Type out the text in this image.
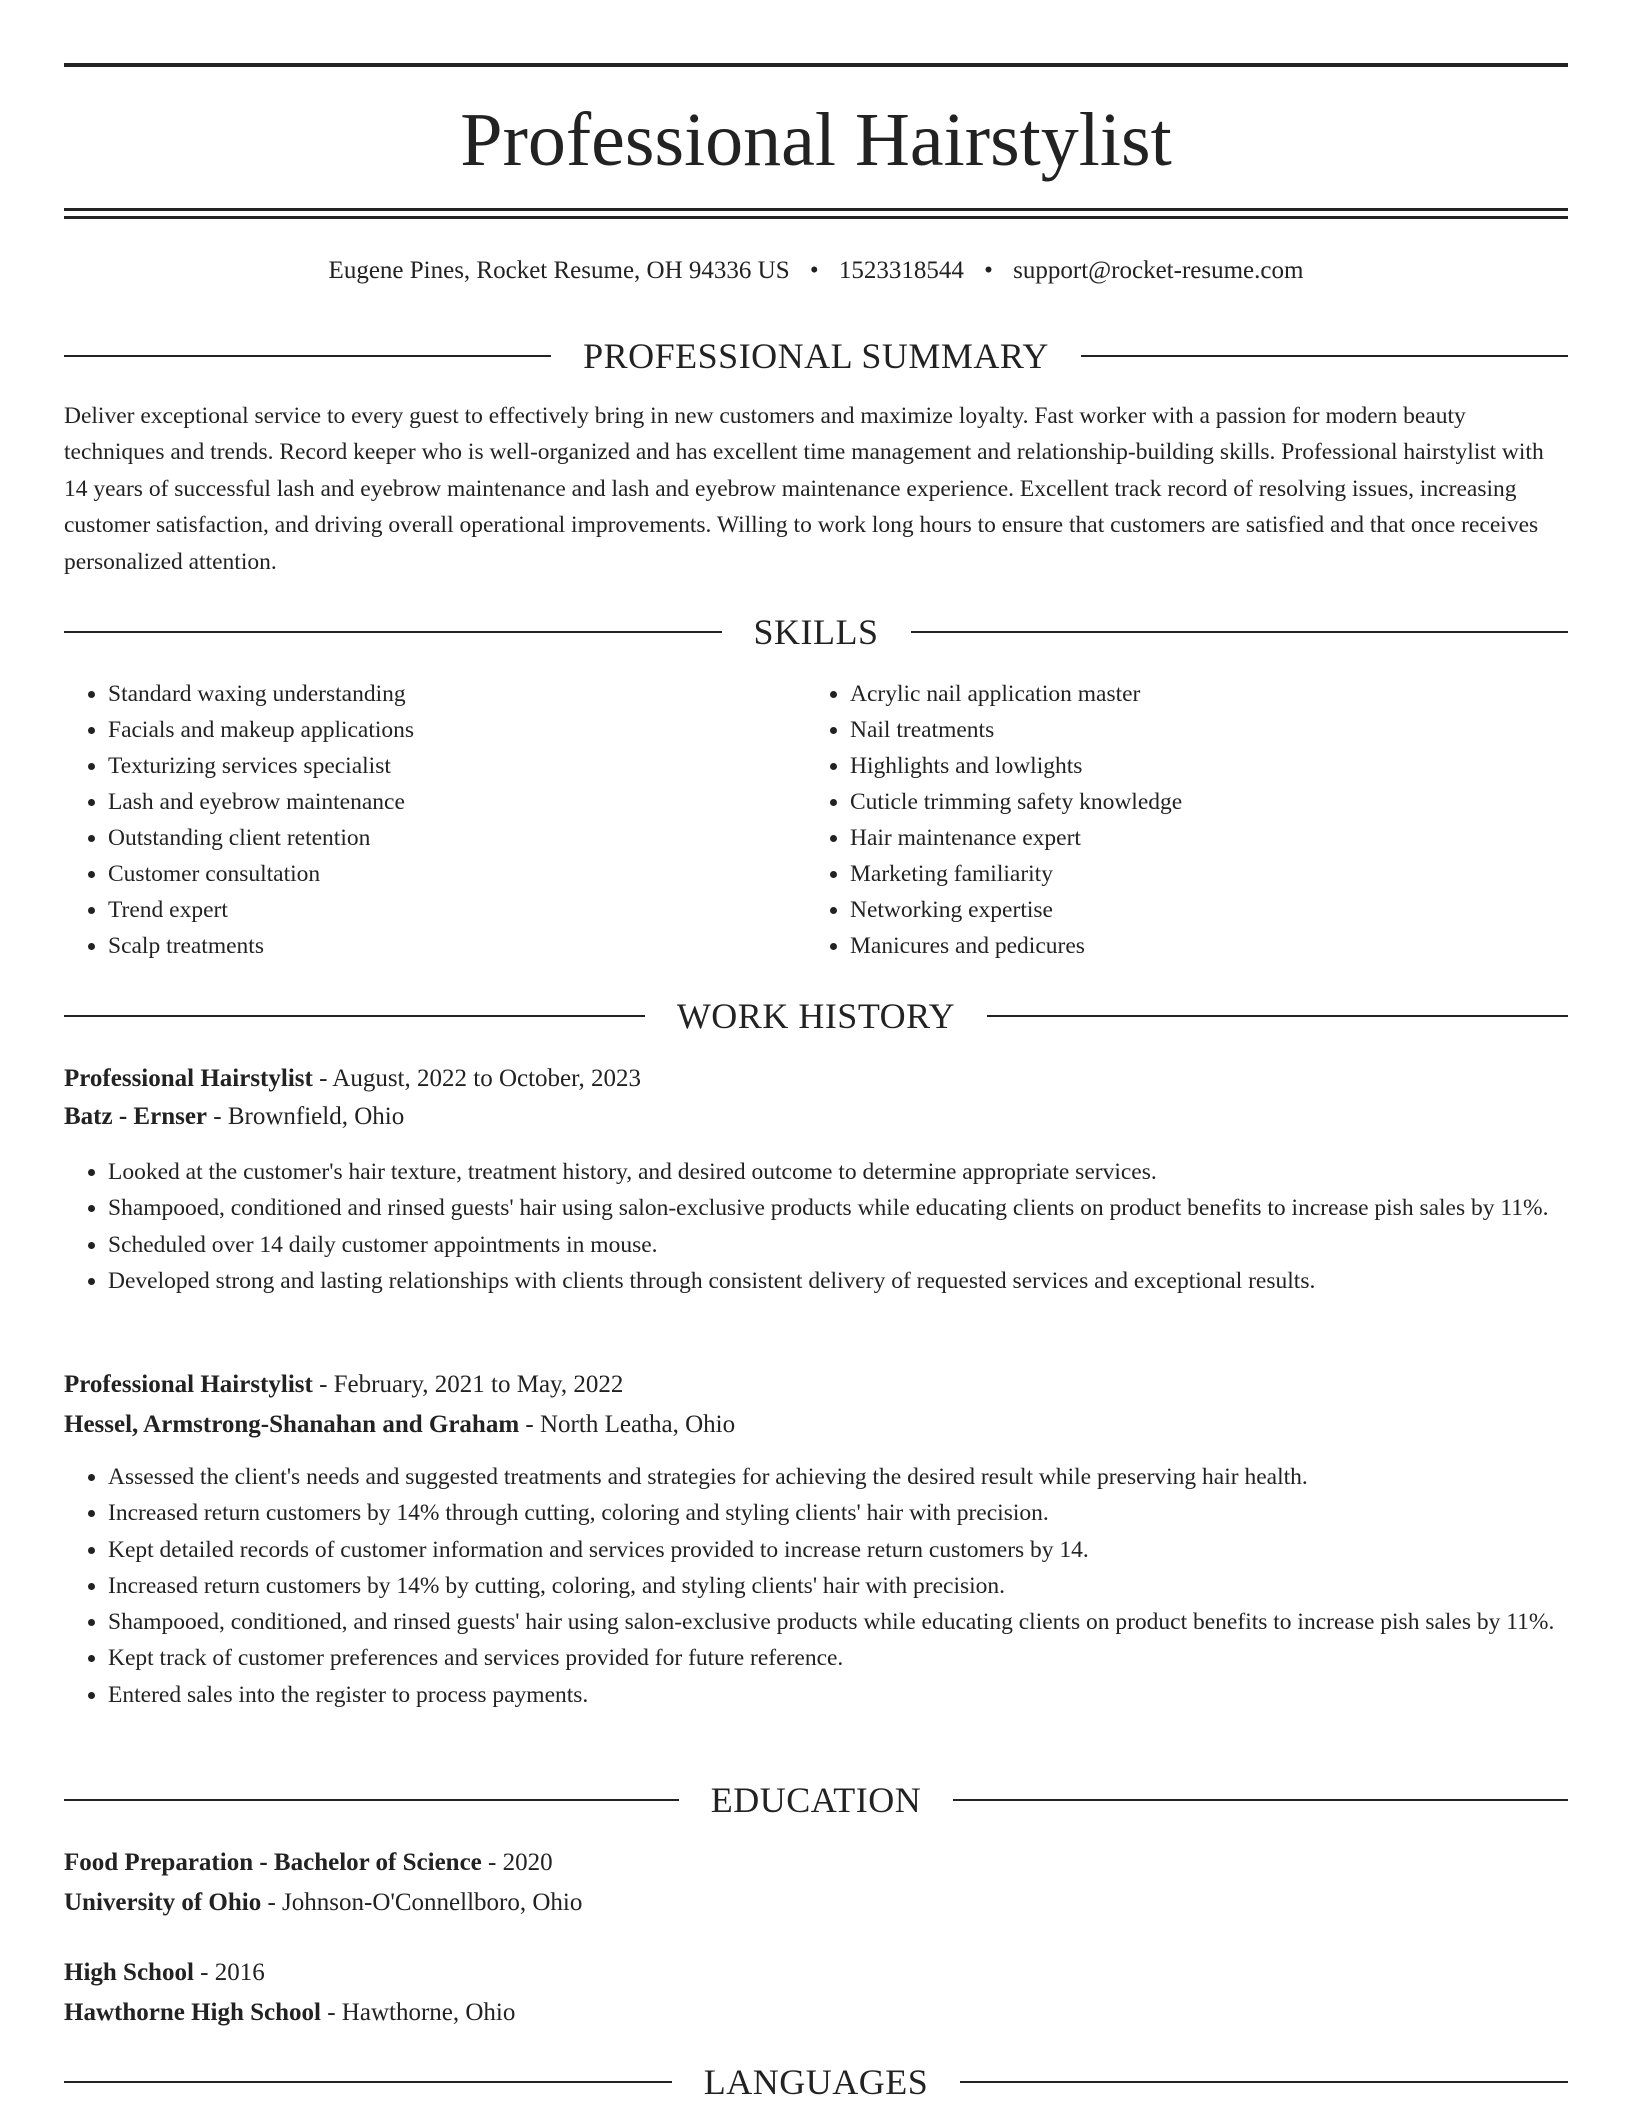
Professional Hairstylist
Eugene Pines, Rocket Resume, OH 94336 US • 1523318544 • support@rocket-resume.com
PROFESSIONAL SUMMARY

Deliver exceptional service to every guest to effectively bring in new customers and maximize loyalty. Fast worker with a passion for modern beauty techniques and trends. Record keeper who is well-organized and has excellent time management and relationship-building skills. Professional hairstylist with 14 years of successful lash and eyebrow maintenance and lash and eyebrow maintenance experience. Excellent track record of resolving issues, increasing customer satisfaction, and driving overall operational improvements. Willing to work long hours to ensure that customers are satisfied and that once receives personalized attention.

SKILLS
• Standard waxing understanding
• Facials and makeup applications
• Texturizing services specialist
• Lash and eyebrow maintenance
• Outstanding client retention
• Customer consultation
• Trend expert
• Scalp treatments
• Acrylic nail application master
• Nail treatments
• Highlights and lowlights
• Cuticle trimming safety knowledge
• Hair maintenance expert
• Marketing familiarity
• Networking expertise
• Manicures and pedicures
WORK HISTORY
Professional Hairstylist - August, 2022 to October, 2023
Batz - Ernser - Brownfield, Ohio
• Looked at the customer's hair texture, treatment history, and desired outcome to determine appropriate services.
• Shampooed, conditioned and rinsed guests' hair using salon-exclusive products while educating clients on product benefits to increase pish sales by 11%.
• Scheduled over 14 daily customer appointments in mouse.
• Developed strong and lasting relationships with clients through consistent delivery of requested services and exceptional results.
Professional Hairstylist - February, 2021 to May, 2022
Hessel, Armstrong-Shanahan and Graham - North Leatha, Ohio
• Assessed the client's needs and suggested treatments and strategies for achieving the desired result while preserving hair health.
• Increased return customers by 14% through cutting, coloring and styling clients' hair with precision.
• Kept detailed records of customer information and services provided to increase return customers by 14.
• Increased return customers by 14% by cutting, coloring, and styling clients' hair with precision.
• Shampooed, conditioned, and rinsed guests' hair using salon-exclusive products while educating clients on product benefits to increase pish sales by 11%.
• Kept track of customer preferences and services provided for future reference.
• Entered sales into the register to process payments.
EDUCATION
Food Preparation - Bachelor of Science - 2020
University of Ohio - Johnson-O'Connellboro, Ohio
High School - 2016
Hawthorne High School - Hawthorne, Ohio
LANGUAGES
